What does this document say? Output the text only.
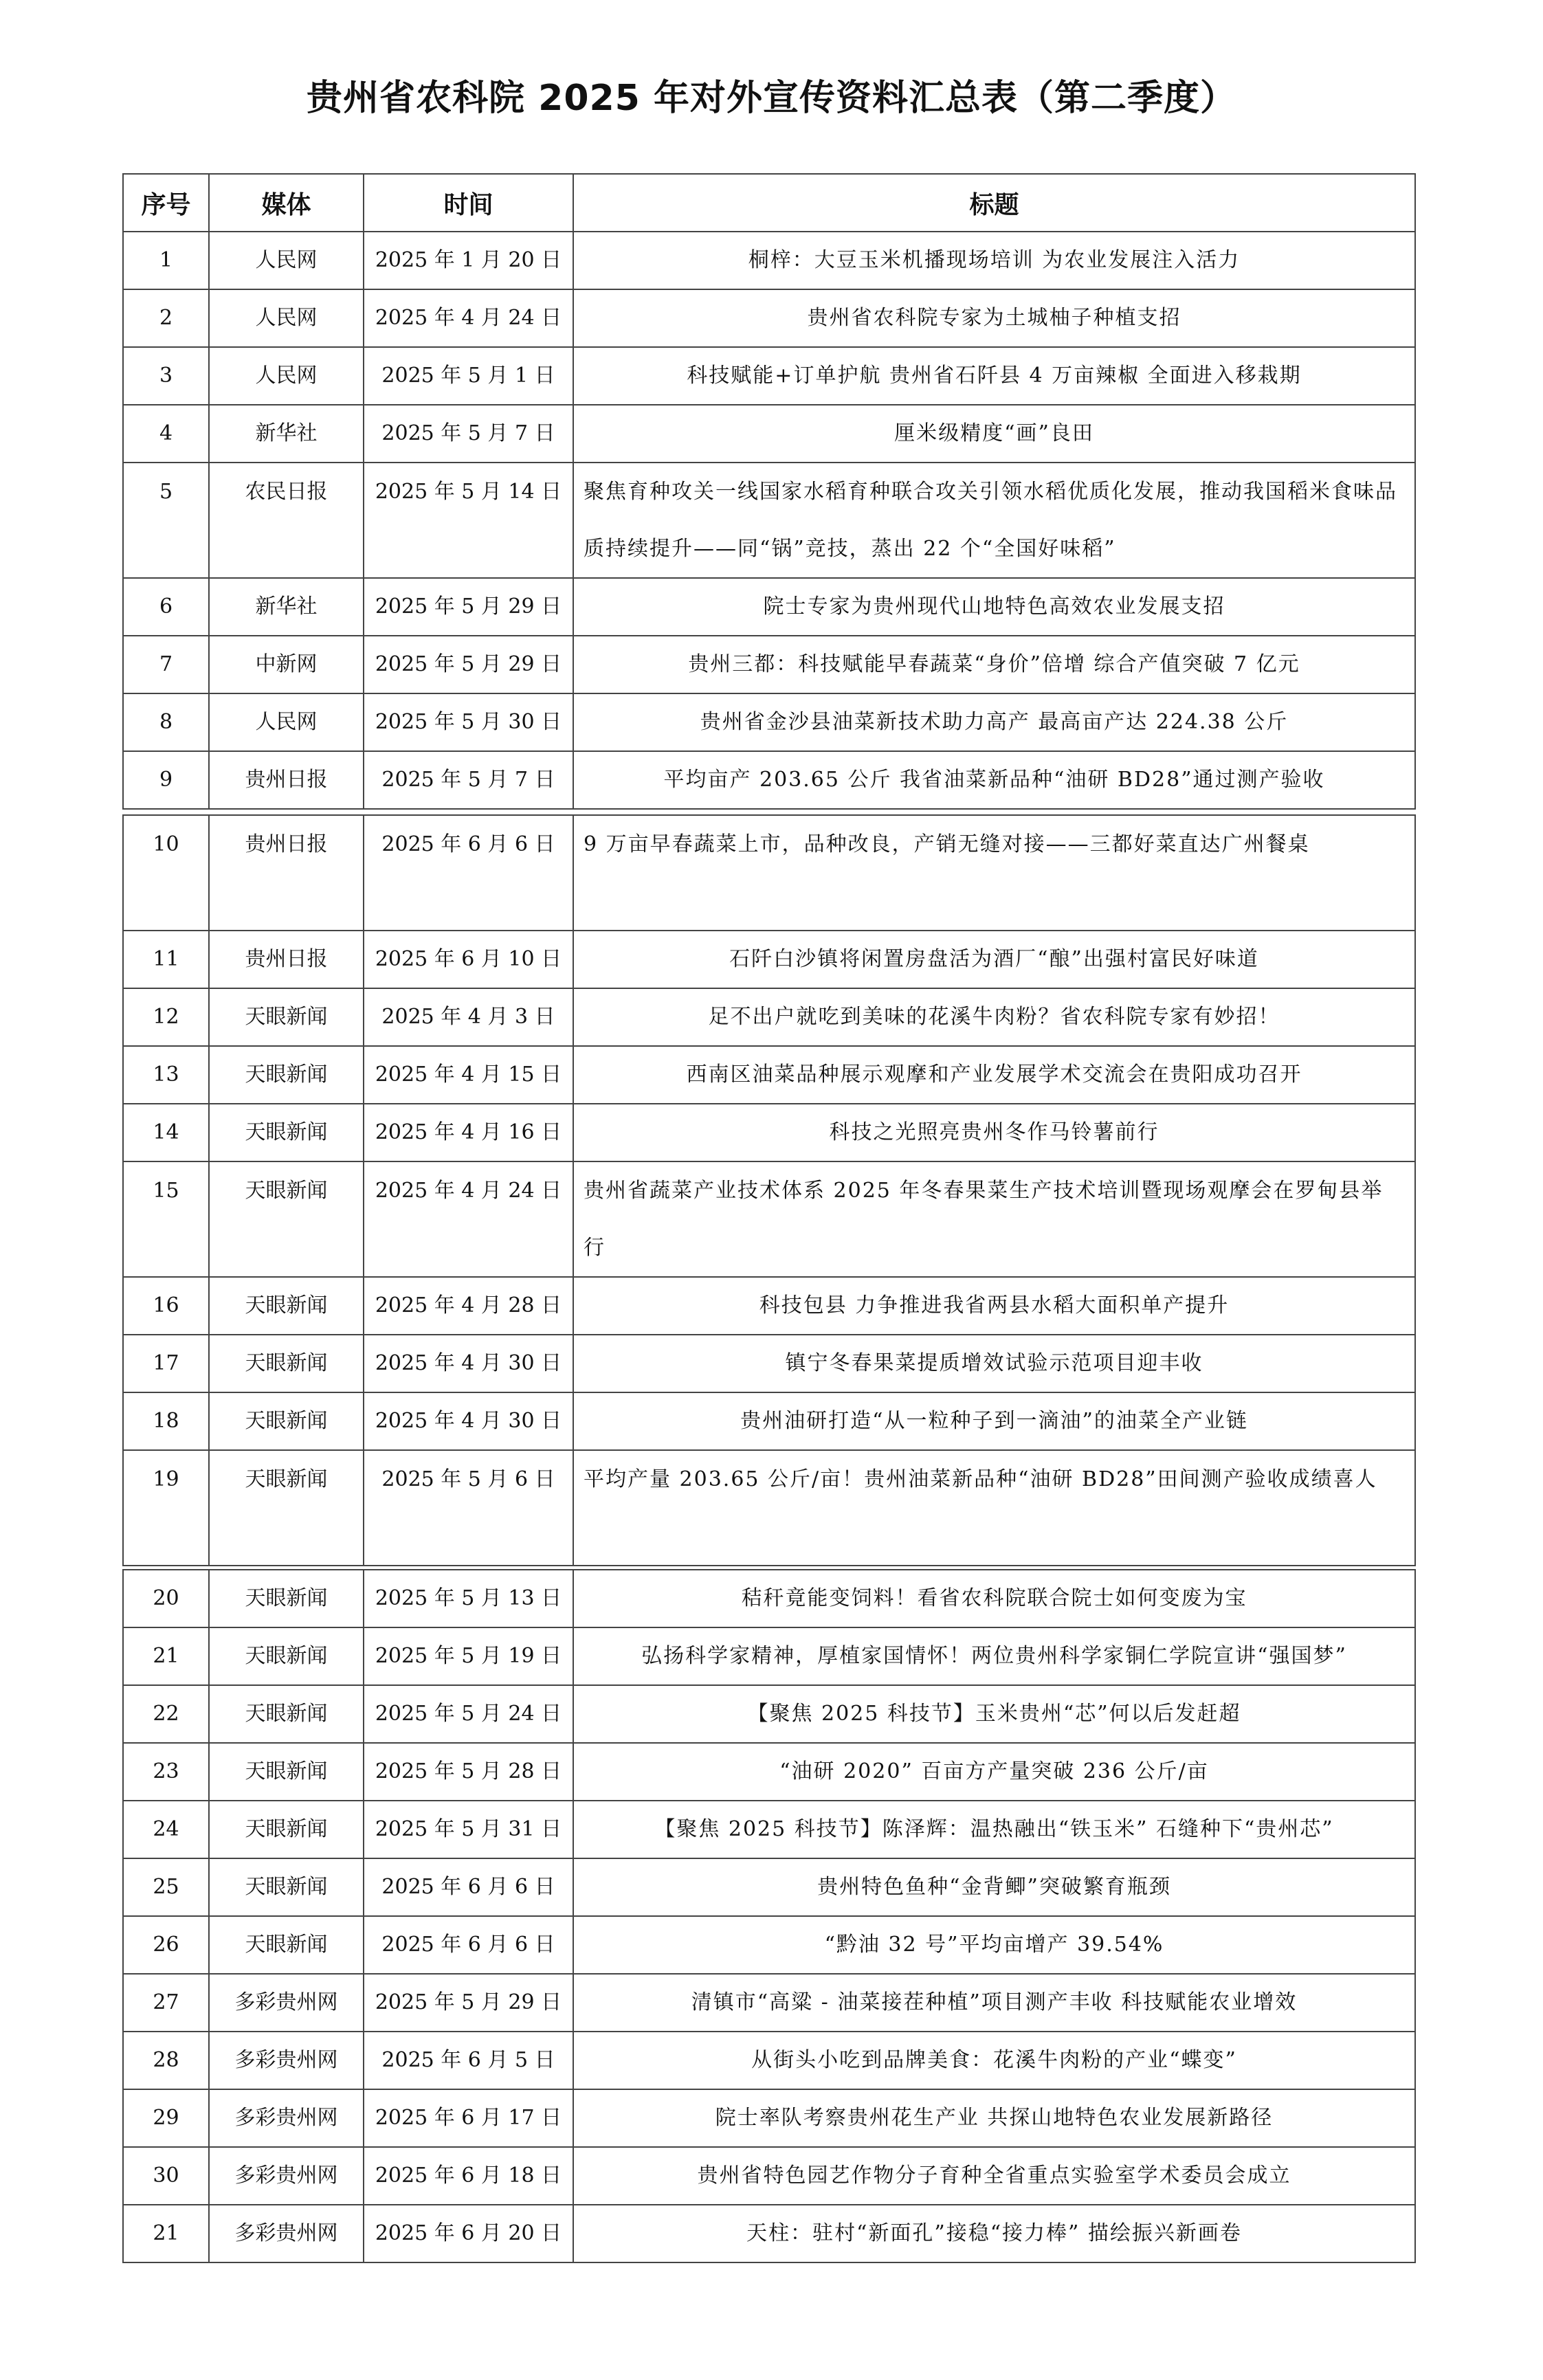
贵州省农科院 2025 年对外宣传资料汇总表（第二季度）
序号	媒体	时间	标题
1	人民网	2025 年 1 月 20 日	桐梓：大豆玉米机播现场培训 为农业发展注入活力
2	人民网	2025 年 4 月 24 日	贵州省农科院专家为土城柚子种植支招
3	人民网	2025 年 5 月 1 日	科技赋能+订单护航 贵州省石阡县 4 万亩辣椒 全面进入移栽期
4	新华社	2025 年 5 月 7 日	厘米级精度“画”良田
5	农民日报	2025 年 5 月 14 日	聚焦育种攻关一线国家水稻育种联合攻关引领水稻优质化发展，推动我国稻米食味品质持续提升——同“锅”竞技，蒸出 22 个“全国好味稻”
6	新华社	2025 年 5 月 29 日	院士专家为贵州现代山地特色高效农业发展支招
7	中新网	2025 年 5 月 29 日	贵州三都：科技赋能早春蔬菜“身价”倍增 综合产值突破 7 亿元
8	人民网	2025 年 5 月 30 日	贵州省金沙县油菜新技术助力高产 最高亩产达 224.38 公斤
9	贵州日报	2025 年 5 月 7 日	平均亩产 203.65 公斤 我省油菜新品种“油研 BD28”通过测产验收
10	贵州日报	2025 年 6 月 6 日	9 万亩早春蔬菜上市，品种改良，产销无缝对接——三都好菜直达广州餐桌
11	贵州日报	2025 年 6 月 10 日	石阡白沙镇将闲置房盘活为酒厂“酿”出强村富民好味道
12	天眼新闻	2025 年 4 月 3 日	足不出户就吃到美味的花溪牛肉粉？省农科院专家有妙招！
13	天眼新闻	2025 年 4 月 15 日	西南区油菜品种展示观摩和产业发展学术交流会在贵阳成功召开
14	天眼新闻	2025 年 4 月 16 日	科技之光照亮贵州冬作马铃薯前行
15	天眼新闻	2025 年 4 月 24 日	贵州省蔬菜产业技术体系 2025 年冬春果菜生产技术培训暨现场观摩会在罗甸县举行
16	天眼新闻	2025 年 4 月 28 日	科技包县 力争推进我省两县水稻大面积单产提升
17	天眼新闻	2025 年 4 月 30 日	镇宁冬春果菜提质增效试验示范项目迎丰收
18	天眼新闻	2025 年 4 月 30 日	贵州油研打造“从一粒种子到一滴油”的油菜全产业链
19	天眼新闻	2025 年 5 月 6 日	平均产量 203.65 公斤/亩！贵州油菜新品种“油研 BD28”田间测产验收成绩喜人
20	天眼新闻	2025 年 5 月 13 日	秸秆竟能变饲料！看省农科院联合院士如何变废为宝
21	天眼新闻	2025 年 5 月 19 日	弘扬科学家精神，厚植家国情怀！两位贵州科学家铜仁学院宣讲“强国梦”
22	天眼新闻	2025 年 5 月 24 日	【聚焦 2025 科技节】玉米贵州“芯”何以后发赶超
23	天眼新闻	2025 年 5 月 28 日	“油研 2020” 百亩方产量突破 236 公斤/亩
24	天眼新闻	2025 年 5 月 31 日	【聚焦 2025 科技节】陈泽辉：温热融出“铁玉米” 石缝种下“贵州芯”
25	天眼新闻	2025 年 6 月 6 日	贵州特色鱼种“金背鲫”突破繁育瓶颈
26	天眼新闻	2025 年 6 月 6 日	“黔油 32 号”平均亩增产 39.54%
27	多彩贵州网	2025 年 5 月 29 日	清镇市“高粱 - 油菜接茬种植”项目测产丰收 科技赋能农业增效
28	多彩贵州网	2025 年 6 月 5 日	从街头小吃到品牌美食：花溪牛肉粉的产业“蝶变”
29	多彩贵州网	2025 年 6 月 17 日	院士率队考察贵州花生产业 共探山地特色农业发展新路径
30	多彩贵州网	2025 年 6 月 18 日	贵州省特色园艺作物分子育种全省重点实验室学术委员会成立
21	多彩贵州网	2025 年 6 月 20 日	天柱：驻村“新面孔”接稳“接力棒” 描绘振兴新画卷
